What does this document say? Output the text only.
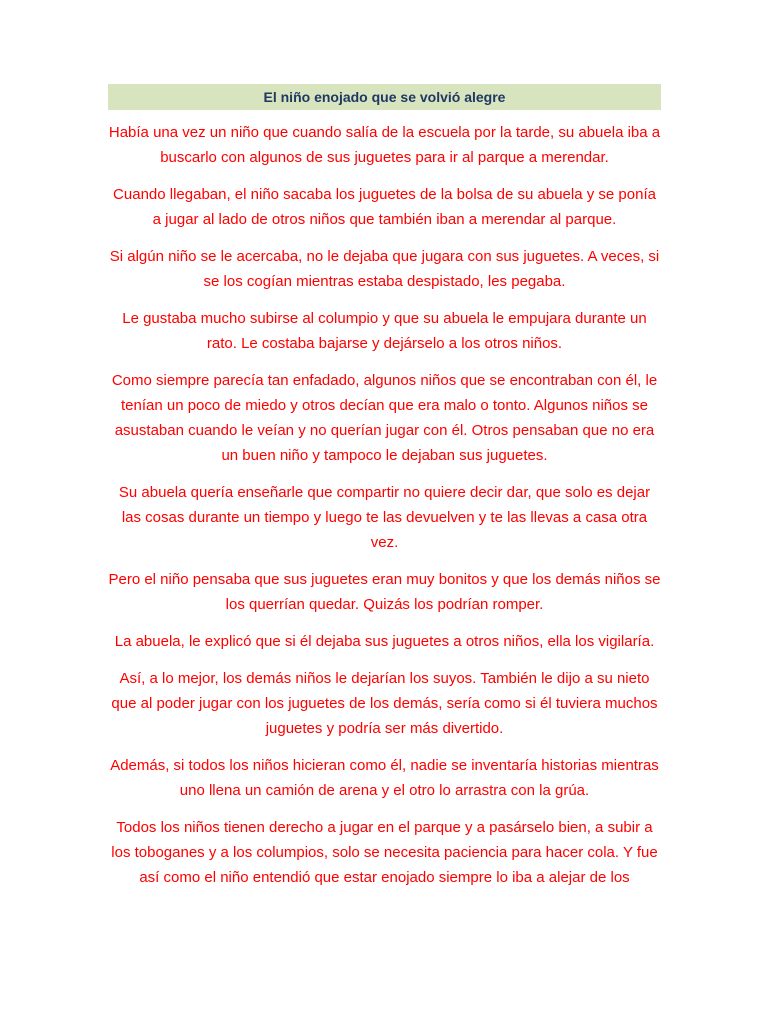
El niño enojado que se volvió alegre

Había una vez un niño que cuando salía de la escuela por la tarde, su abuela iba a buscarlo con algunos de sus juguetes para ir al parque a merendar.

Cuando llegaban, el niño sacaba los juguetes de la bolsa de su abuela y se ponía a jugar al lado de otros niños que también iban a merendar al parque.

Si algún niño se le acercaba, no le dejaba que jugara con sus juguetes. A veces, si se los cogían mientras estaba despistado, les pegaba.

Le gustaba mucho subirse al columpio y que su abuela le empujara durante un rato. Le costaba bajarse y dejárselo a los otros niños.

Como siempre parecía tan enfadado, algunos niños que se encontraban con él, le tenían un poco de miedo y otros decían que era malo o tonto. Algunos niños se asustaban cuando le veían y no querían jugar con él. Otros pensaban que no era un buen niño y tampoco le dejaban sus juguetes.

Su abuela quería enseñarle que compartir no quiere decir dar, que solo es dejar las cosas durante un tiempo y luego te las devuelven y te las llevas a casa otra vez.

Pero el niño pensaba que sus juguetes eran muy bonitos y que los demás niños se los querrían quedar. Quizás los podrían romper.

La abuela, le explicó que si él dejaba sus juguetes a otros niños, ella los vigilaría.

Así, a lo mejor, los demás niños le dejarían los suyos. También le dijo a su nieto que al poder jugar con los juguetes de los demás, sería como si él tuviera muchos juguetes y podría ser más divertido.

Además, si todos los niños hicieran como él, nadie se inventaría historias mientras uno llena un camión de arena y el otro lo arrastra con la grúa.

Todos los niños tienen derecho a jugar en el parque y a pasárselo bien, a subir a los toboganes y a los columpios, solo se necesita paciencia para hacer cola. Y fue así como el niño entendió que estar enojado siempre lo iba a alejar de los
